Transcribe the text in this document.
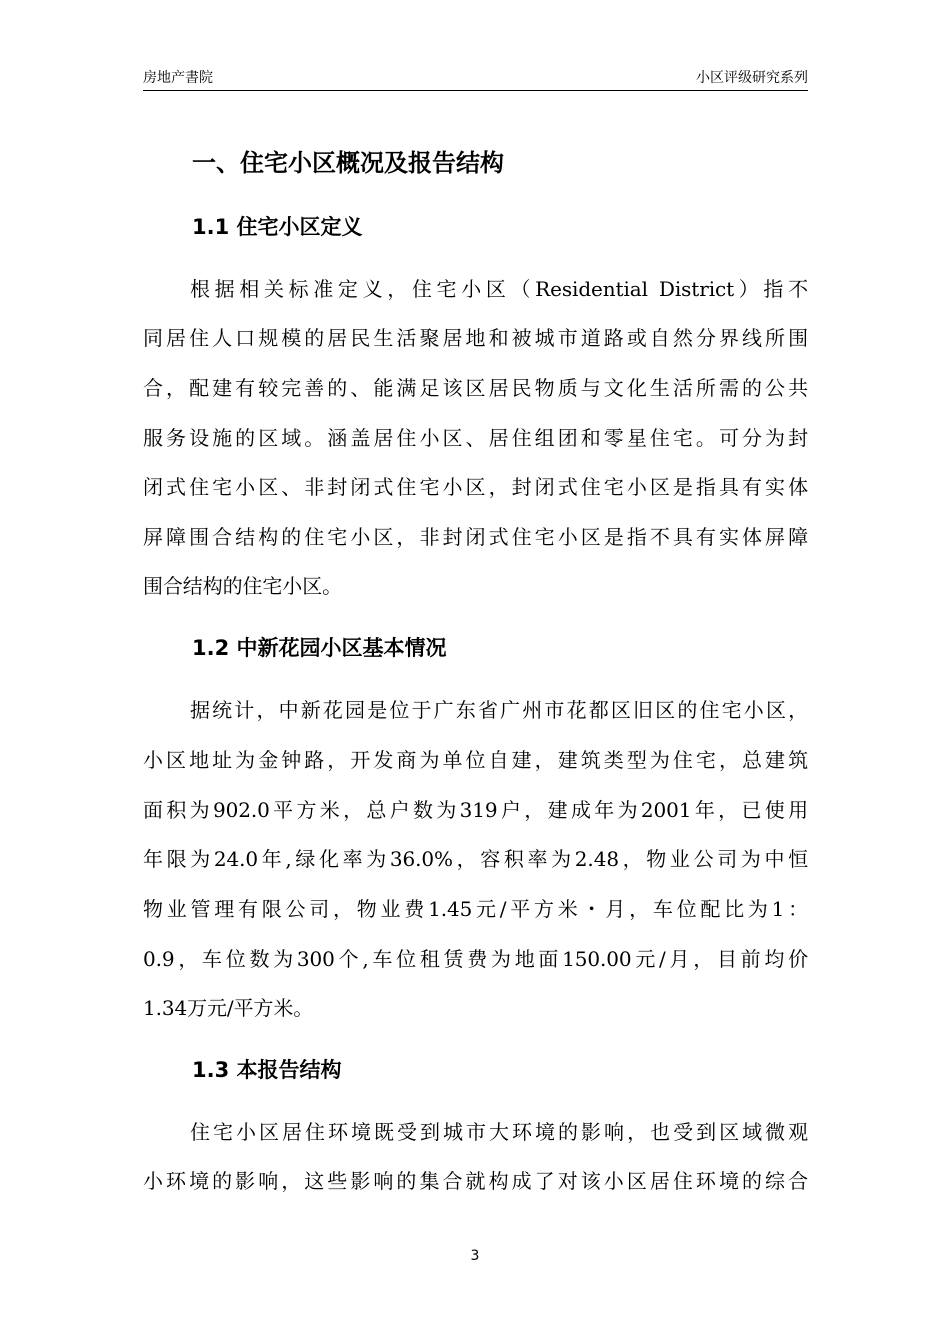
房地产書院	小区评级研究系列
一、住宅小区概况及报告结构
1.1 住宅小区定义
根据相关标准定义，住宅小区（Residential District）指不
同居住人口规模的居民生活聚居地和被城市道路或自然分界线所围
合，配建有较完善的、能满足该区居民物质与文化生活所需的公共
服务设施的区域。涵盖居住小区、居住组团和零星住宅。可分为封
闭式住宅小区、非封闭式住宅小区，封闭式住宅小区是指具有实体
屏障围合结构的住宅小区，非封闭式住宅小区是指不具有实体屏障
围合结构的住宅小区。
1.2 中新花园小区基本情况
据统计，中新花园是位于广东省广州市花都区旧区的住宅小区，
小区地址为金钟路，开发商为单位自建，建筑类型为住宅，总建筑
面积为902.0平方米，总户数为319户，建成年为2001年，已使用
年限为24.0年,绿化率为36.0%，容积率为2.48，物业公司为中恒
物业管理有限公司，物业费1.45元/平方米・月，车位配比为1：
0.9，车位数为300个,车位租赁费为地面150.00元/月，目前均价
1.34万元/平方米。
1.3 本报告结构
住宅小区居住环境既受到城市大环境的影响，也受到区域微观
小环境的影响，这些影响的集合就构成了对该小区居住环境的综合
3
